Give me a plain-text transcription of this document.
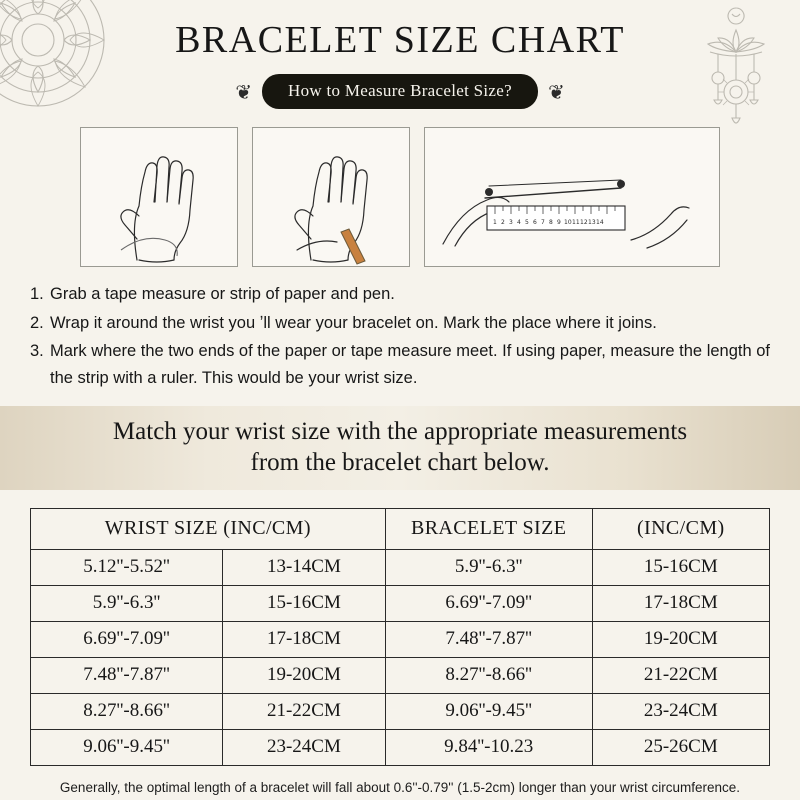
BRACELET SIZE CHART
❦	How to Measure Bracelet Size?	❦
1 2 3 4 5 6 7 8 9 10 11 12 13 14
1. Grab a tape measure or strip of paper and pen.
2. Wrap it around the wrist you ʼll wear your bracelet on. Mark the place where it joins.
3. Mark where the two ends of the paper or tape measure meet. If using paper, measure the length of the strip with a ruler. This would be your wrist size.
Match your wrist size with the appropriate measurements
from the bracelet chart below.
WRIST SIZE (INC/CM)		BRACELET SIZE	(INC/CM)
5.12''-5.52''	13-14CM	5.9''-6.3''	15-16CM
5.9''-6.3''	15-16CM	6.69''-7.09''	17-18CM
6.69''-7.09''	17-18CM	7.48''-7.87''	19-20CM
7.48''-7.87''	19-20CM	8.27''-8.66''	21-22CM
8.27''-8.66''	21-22CM	9.06''-9.45''	23-24CM
9.06''-9.45''	23-24CM	9.84''-10.23	25-26CM
Generally, the optimal length of a bracelet will fall about 0.6''-0.79'' (1.5-2cm) longer than your wrist circumference.
